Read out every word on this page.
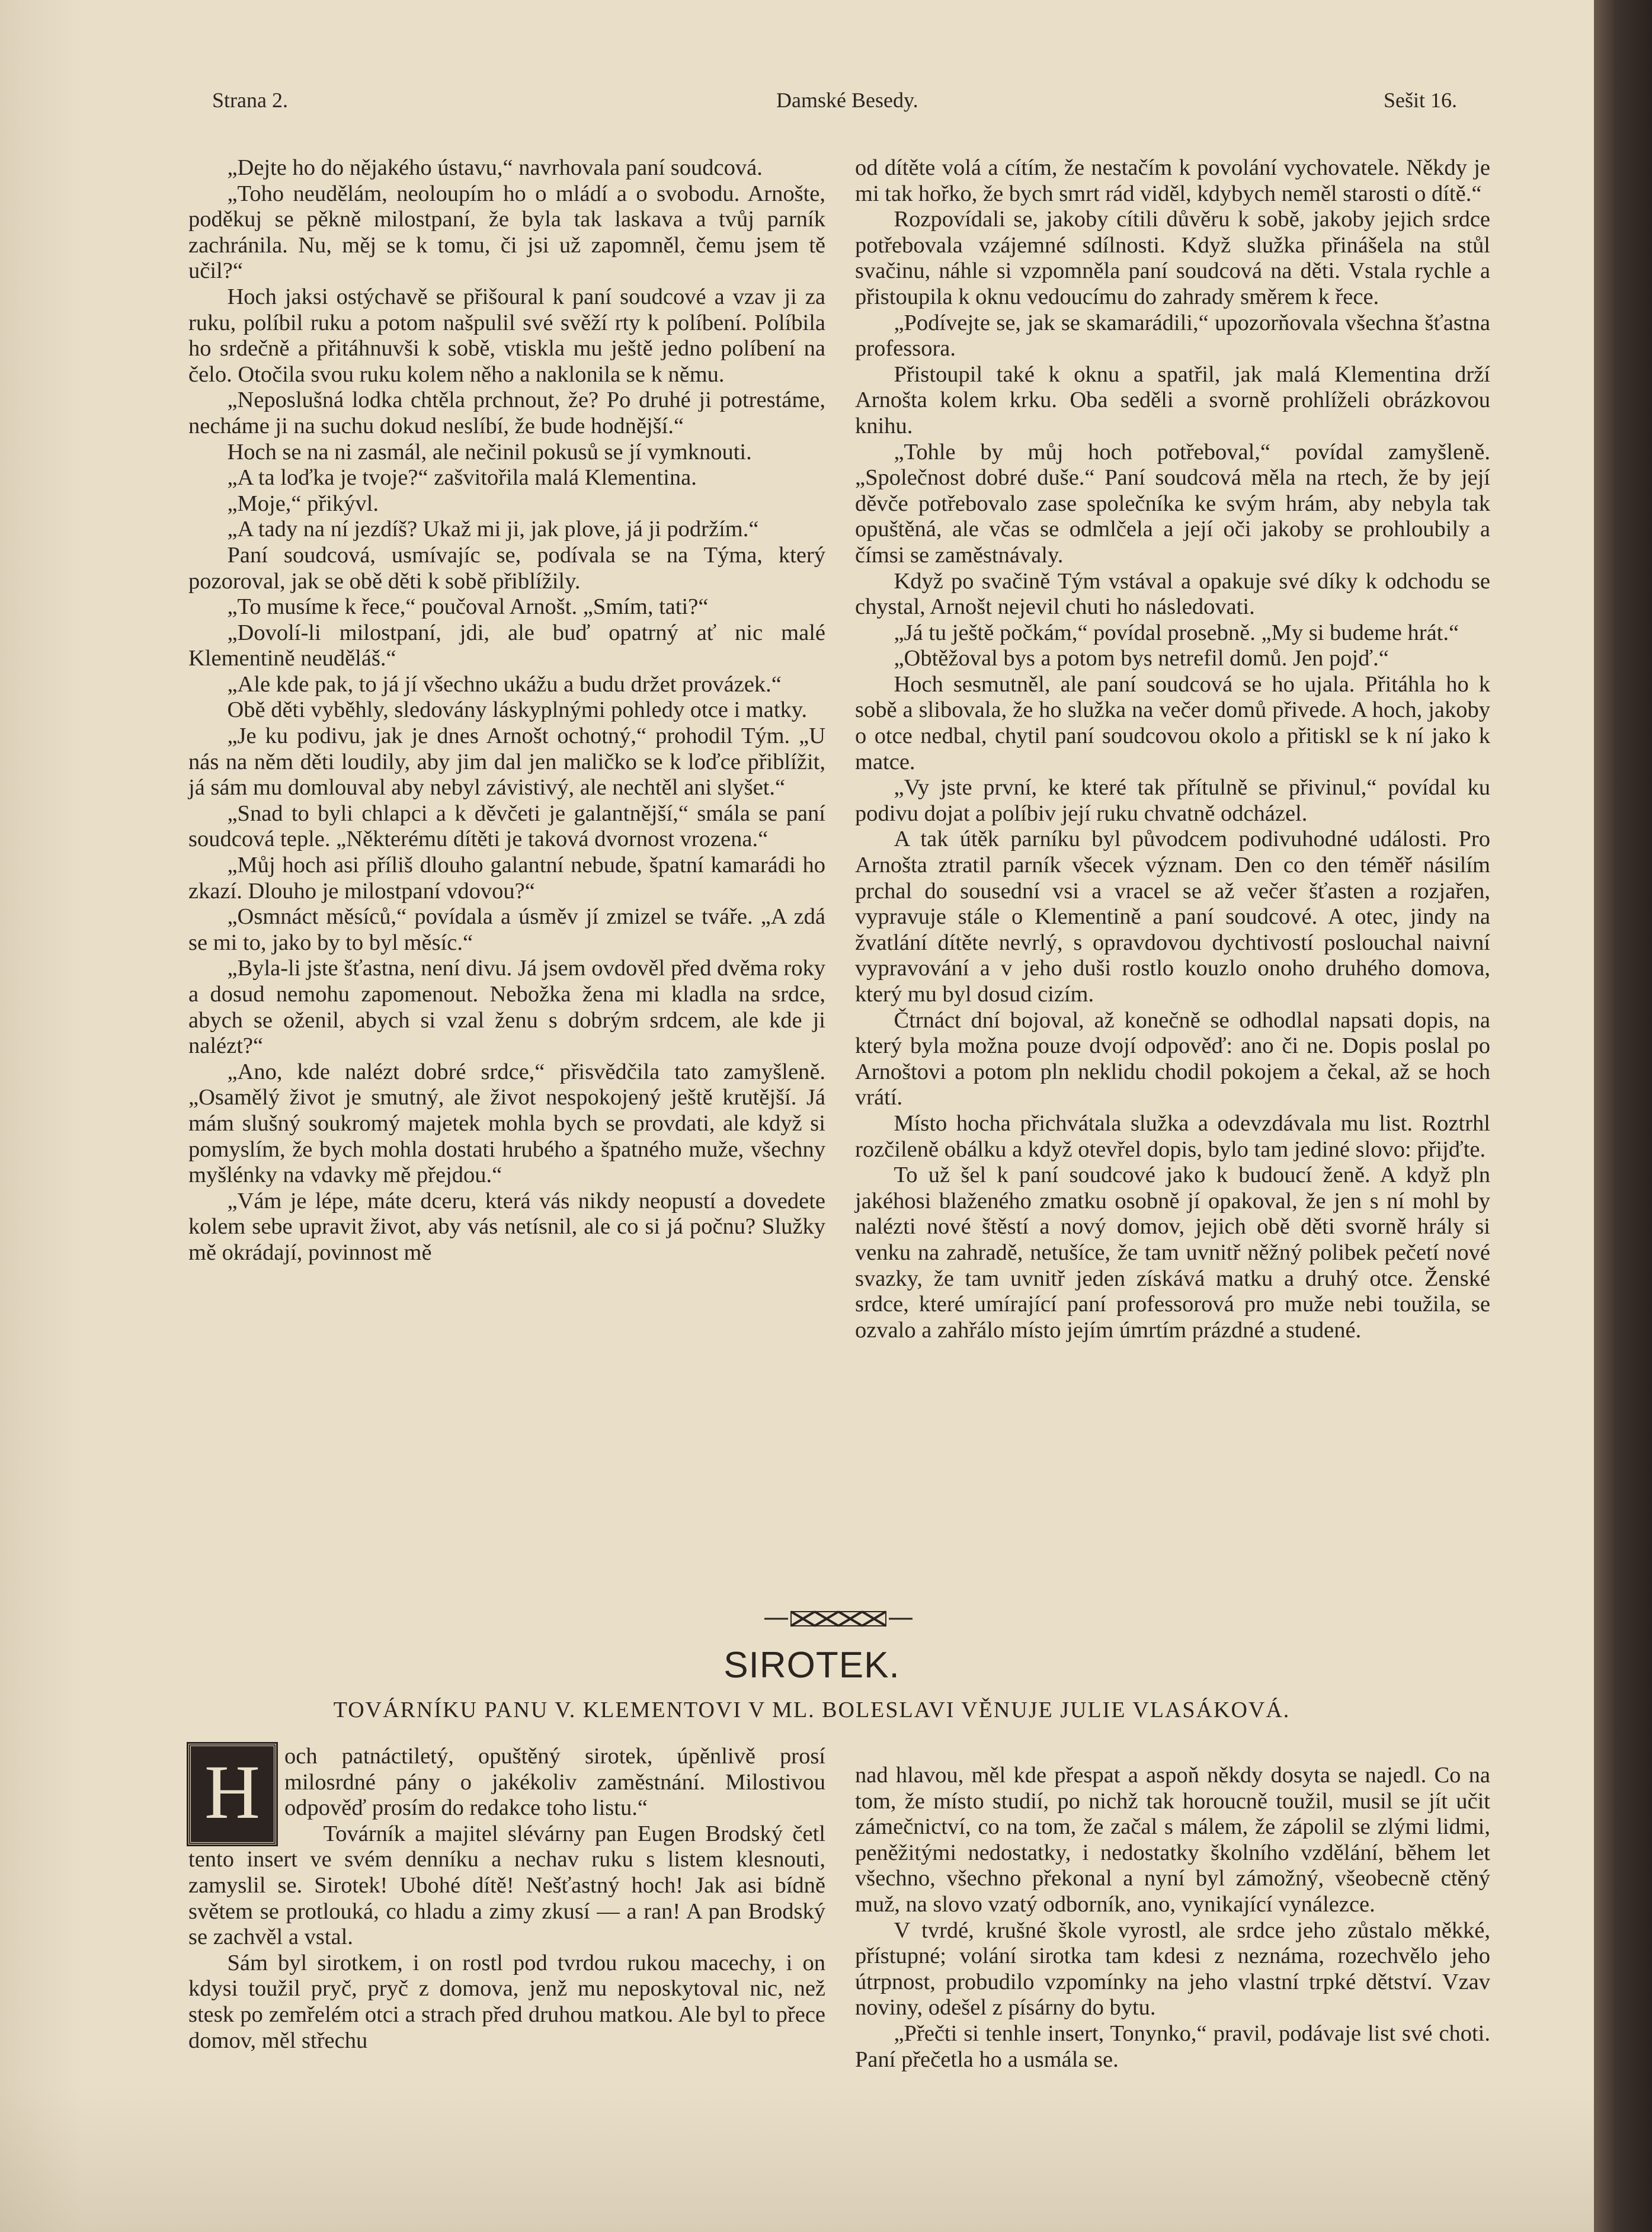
Strana 2.	Damské Besedy.	Sešit 16.

„Dejte ho do nějakého ústavu,“ navrhovala paní soudcová.

„Toho neudělám, neoloupím ho o mládí a o svobodu. Arnošte, poděkuj se pěkně milostpaní, že byla tak laskava a tvůj parník zachránila. Nu, měj se k tomu, či jsi už zapomněl, čemu jsem tě učil?“

Hoch jaksi ostýchavě se přišoural k paní soudcové a vzav ji za ruku, políbil ruku a potom našpulil své svěží rty k políbení. Políbila ho srdečně a přitáhnuvši k sobě, vtiskla mu ještě jedno políbení na čelo. Otočila svou ruku kolem něho a naklonila se k němu.

„Neposlušná lodka chtěla prchnout, že? Po druhé ji potrestáme, necháme ji na suchu dokud neslíbí, že bude hodnější.“

Hoch se na ni zasmál, ale nečinil pokusů se jí vymknouti.

„A ta loďka je tvoje?“ zašvitořila malá Klementina.

„Moje,“ přikývl.

„A tady na ní jezdíš? Ukaž mi ji, jak plove, já ji podržím.“

Paní soudcová, usmívajíc se, podívala se na Týma, který pozoroval, jak se obě děti k sobě přiblížily.

„To musíme k řece,“ poučoval Arnošt. „Smím, tati?“

„Dovolí-li milostpaní, jdi, ale buď opatrný ať nic malé Klementině neuděláš.“

„Ale kde pak, to já jí všechno ukážu a budu držet provázek.“

Obě děti vyběhly, sledovány láskyplnými pohledy otce i matky.

„Je ku podivu, jak je dnes Arnošt ochotný,“ prohodil Tým. „U nás na něm děti loudily, aby jim dal jen maličko se k loďce přiblížit, já sám mu domlouval aby nebyl závistivý, ale nechtěl ani slyšet.“

„Snad to byli chlapci a k děvčeti je galantnější,“ smála se paní soudcová teple. „Některému dítěti je taková dvornost vrozena.“

„Můj hoch asi příliš dlouho galantní nebude, špatní kamarádi ho zkazí. Dlouho je milostpaní vdovou?“

„Osmnáct měsíců,“ povídala a úsměv jí zmizel se tváře. „A zdá se mi to, jako by to byl měsíc.“

„Byla-li jste šťastna, není divu. Já jsem ovdověl před dvěma roky a dosud nemohu zapomenout. Nebožka žena mi kladla na srdce, abych se oženil, abych si vzal ženu s dobrým srdcem, ale kde ji nalézt?“

„Ano, kde nalézt dobré srdce,“ přisvědčila tato zamyšleně. „Osamělý život je smutný, ale život nespokojený ještě krutější. Já mám slušný soukromý majetek mohla bych se provdati, ale když si pomyslím, že bych mohla dostati hrubého a špatného muže, všechny myšlénky na vdavky mě přejdou.“

„Vám je lépe, máte dceru, která vás nikdy neopustí a dovedete kolem sebe upravit život, aby vás netísnil, ale co si já počnu? Služky mě okrádají, povinnost mě

od dítěte volá a cítím, že nestačím k povolání vychovatele. Někdy je mi tak hořko, že bych smrt rád viděl, kdybych neměl starosti o dítě.“

Rozpovídali se, jakoby cítili důvěru k sobě, jakoby jejich srdce potřebovala vzájemné sdílnosti. Když služka přinášela na stůl svačinu, náhle si vzpomněla paní soudcová na děti. Vstala rychle a přistoupila k oknu vedoucímu do zahrady směrem k řece.

„Podívejte se, jak se skamarádili,“ upozorňovala všechna šťastna professora.

Přistoupil také k oknu a spatřil, jak malá Klementina drží Arnošta kolem krku. Oba seděli a svorně prohlíželi obrázkovou knihu.

„Tohle by můj hoch potřeboval,“ povídal zamyšleně. „Společnost dobré duše.“ Paní soudcová měla na rtech, že by její děvče potřebovalo zase společníka ke svým hrám, aby nebyla tak opuštěná, ale včas se odmlčela a její oči jakoby se prohloubily a čímsi se zaměstnávaly.

Když po svačině Tým vstával a opakuje své díky k odchodu se chystal, Arnošt nejevil chuti ho následovati.

„Já tu ještě počkám,“ povídal prosebně. „My si budeme hrát.“

„Obtěžoval bys a potom bys netrefil domů. Jen pojď.“

Hoch sesmutněl, ale paní soudcová se ho ujala. Přitáhla ho k sobě a slibovala, že ho služka na večer domů přivede. A hoch, jakoby o otce nedbal, chytil paní soudcovou okolo a přitiskl se k ní jako k matce.

„Vy jste první, ke které tak přítulně se přivinul,“ povídal ku podivu dojat a políbiv její ruku chvatně odcházel.

A tak útěk parníku byl původcem podivuhodné události. Pro Arnošta ztratil parník všecek význam. Den co den téměř násilím prchal do sousední vsi a vracel se až večer šťasten a rozjařen, vypravuje stále o Klementině a paní soudcové. A otec, jindy na žvatlání dítěte nevrlý, s opravdovou dychtivostí poslouchal naivní vypravování a v jeho duši rostlo kouzlo onoho druhého domova, který mu byl dosud cizím.

Čtrnáct dní bojoval, až konečně se odhodlal napsati dopis, na který byla možna pouze dvojí odpověď: ano či ne. Dopis poslal po Arnoštovi a potom pln neklidu chodil pokojem a čekal, až se hoch vrátí.

Místo hocha přichvátala služka a odevzdávala mu list. Roztrhl rozčileně obálku a když otevřel dopis, bylo tam jediné slovo: přijďte.

To už šel k paní soudcové jako k budoucí ženě. A když pln jakéhosi blaženého zmatku osobně jí opakoval, že jen s ní mohl by nalézti nové štěstí a nový domov, jejich obě děti svorně hrály si venku na zahradě, netušíce, že tam uvnitř něžný polibek pečetí nové svazky, že tam uvnitř jeden získává matku a druhý otce. Ženské srdce, které umírající paní professorová pro muže nebi toužila, se ozvalo a zahřálo místo jejím úmrtím prázdné a studené.

SIROTEK.
TOVÁRNÍKU PANU V. KLEMENTOVI V ML. BOLESLAVI VĚNUJE JULIE VLASÁKOVÁ.

H	och patnáctiletý, opuštěný sirotek, úpěnlivě prosí milosrdné pány o jakékoliv zaměstnání. Milostivou odpověď prosím do redakce toho listu.“

Továrník a majitel slévárny pan Eugen Brodský četl tento insert ve svém denníku a nechav ruku s listem klesnouti, zamyslil se. Sirotek! Ubohé dítě! Nešťastný hoch! Jak asi bídně světem se protlouká, co hladu a zimy zkusí — a ran! A pan Brodský se zachvěl a vstal.

Sám byl sirotkem, i on rostl pod tvrdou rukou macechy, i on kdysi toužil pryč, pryč z domova, jenž mu neposkytoval nic, než stesk po zemřelém otci a strach před druhou matkou. Ale byl to přece domov, měl střechu

nad hlavou, měl kde přespat a aspoň někdy dosyta se najedl. Co na tom, že místo studií, po nichž tak horoucně toužil, musil se jít učit zámečnictví, co na tom, že začal s málem, že zápolil se zlými lidmi, peněžitými nedostatky, i nedostatky školního vzdělání, během let všechno, všechno překonal a nyní byl zámožný, všeobecně ctěný muž, na slovo vzatý odborník, ano, vynikající vynálezce.

V tvrdé, krušné škole vyrostl, ale srdce jeho zůstalo měkké, přístupné; volání sirotka tam kdesi z neznáma, rozechvělo jeho útrpnost, probudilo vzpomínky na jeho vlastní trpké dětství. Vzav noviny, odešel z písárny do bytu.

„Přečti si tenhle insert, Tonynko,“ pravil, podávaje list své choti. Paní přečetla ho a usmála se.
